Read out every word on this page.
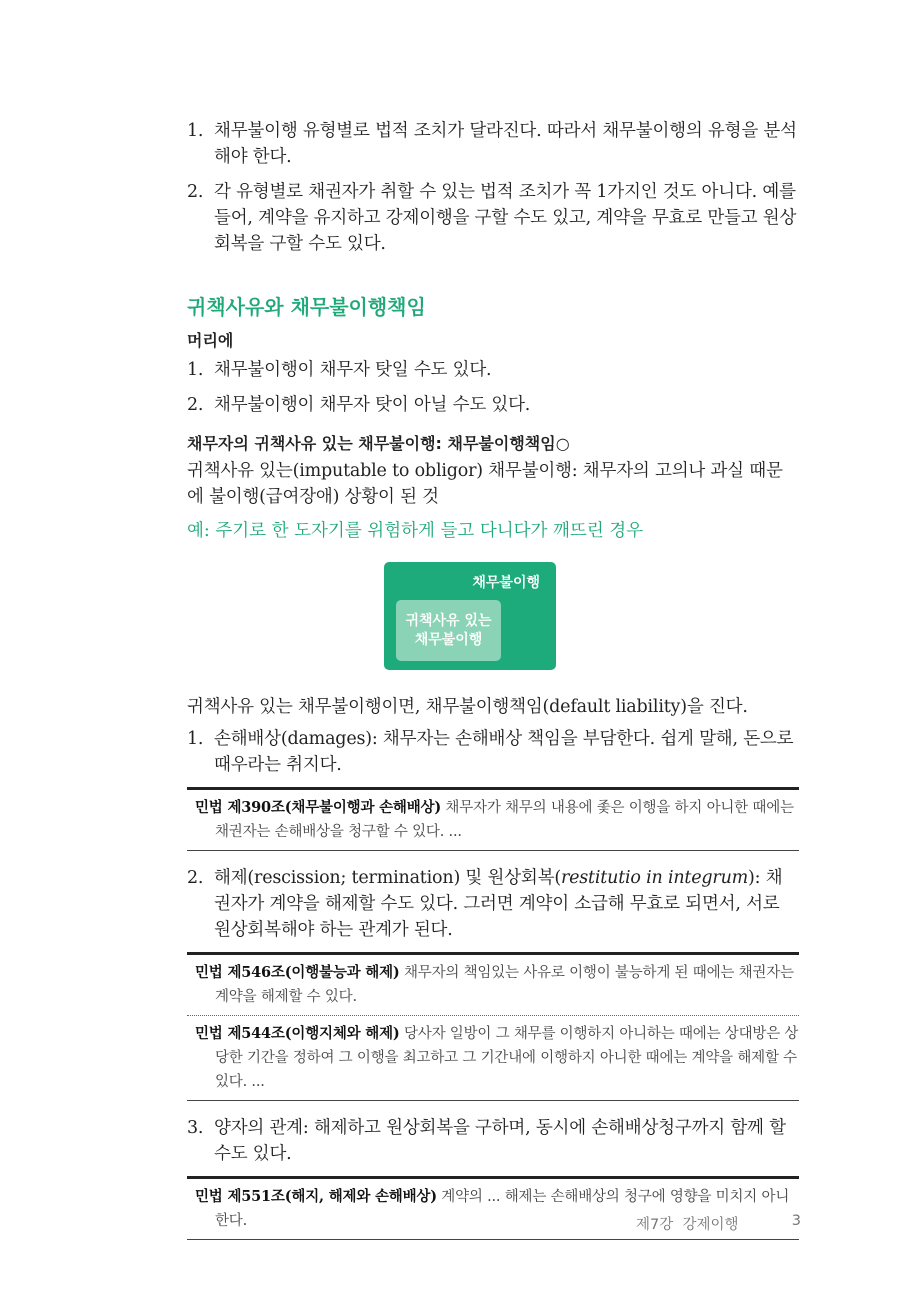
1. 채무불이행 유형별로 법적 조치가 달라진다. 따라서 채무불이행의 유형을 분석해야 한다.
2. 각 유형별로 채권자가 취할 수 있는 법적 조치가 꼭 1가지인 것도 아니다. 예를 들어, 계약을 유지하고 강제이행을 구할 수도 있고, 계약을 무효로 만들고 원상회복을 구할 수도 있다.
귀책사유와 채무불이행책임
머리에
1. 채무불이행이 채무자 탓일 수도 있다.
2. 채무불이행이 채무자 탓이 아닐 수도 있다.
채무자의 귀책사유 있는 채무불이행: 채무불이행책임○

귀책사유 있는(imputable to obligor) 채무불이행: 채무자의 고의나 과실 때문에 불이행(급여장애) 상황이 된 것

예: 주기로 한 도자기를 위험하게 들고 다니다가 깨뜨린 경우

채무불이행
귀책사유 있는
채무불이행

귀책사유 있는 채무불이행이면, 채무불이행책임(default liability)을 진다.

1. 손해배상(damages): 채무자는 손해배상 책임을 부담한다. 쉽게 말해, 돈으로 때우라는 취지다.

민법 제390조(채무불이행과 손해배상) 채무자가 채무의 내용에 좇은 이행을 하지 아니한 때에는 채권자는 손해배상을 청구할 수 있다. ...

2. 해제(rescission; termination) 및 원상회복(restitutio in integrum): 채권자가 계약을 해제할 수도 있다. 그러면 계약이 소급해 무효로 되면서, 서로 원상회복해야 하는 관계가 된다.

민법 제546조(이행불능과 해제) 채무자의 책임있는 사유로 이행이 불능하게 된 때에는 채권자는 계약을 해제할 수 있다.

민법 제544조(이행지체와 해제) 당사자 일방이 그 채무를 이행하지 아니하는 때에는 상대방은 상당한 기간을 정하여 그 이행을 최고하고 그 기간내에 이행하지 아니한 때에는 계약을 해제할 수 있다. ...

3. 양자의 관계: 해제하고 원상회복을 구하며, 동시에 손해배상청구까지 함께 할 수도 있다.

민법 제551조(해지, 해제와 손해배상) 계약의 ... 해제는 손해배상의 청구에 영향을 미치지 아니한다.	제7강  강제이행	3
